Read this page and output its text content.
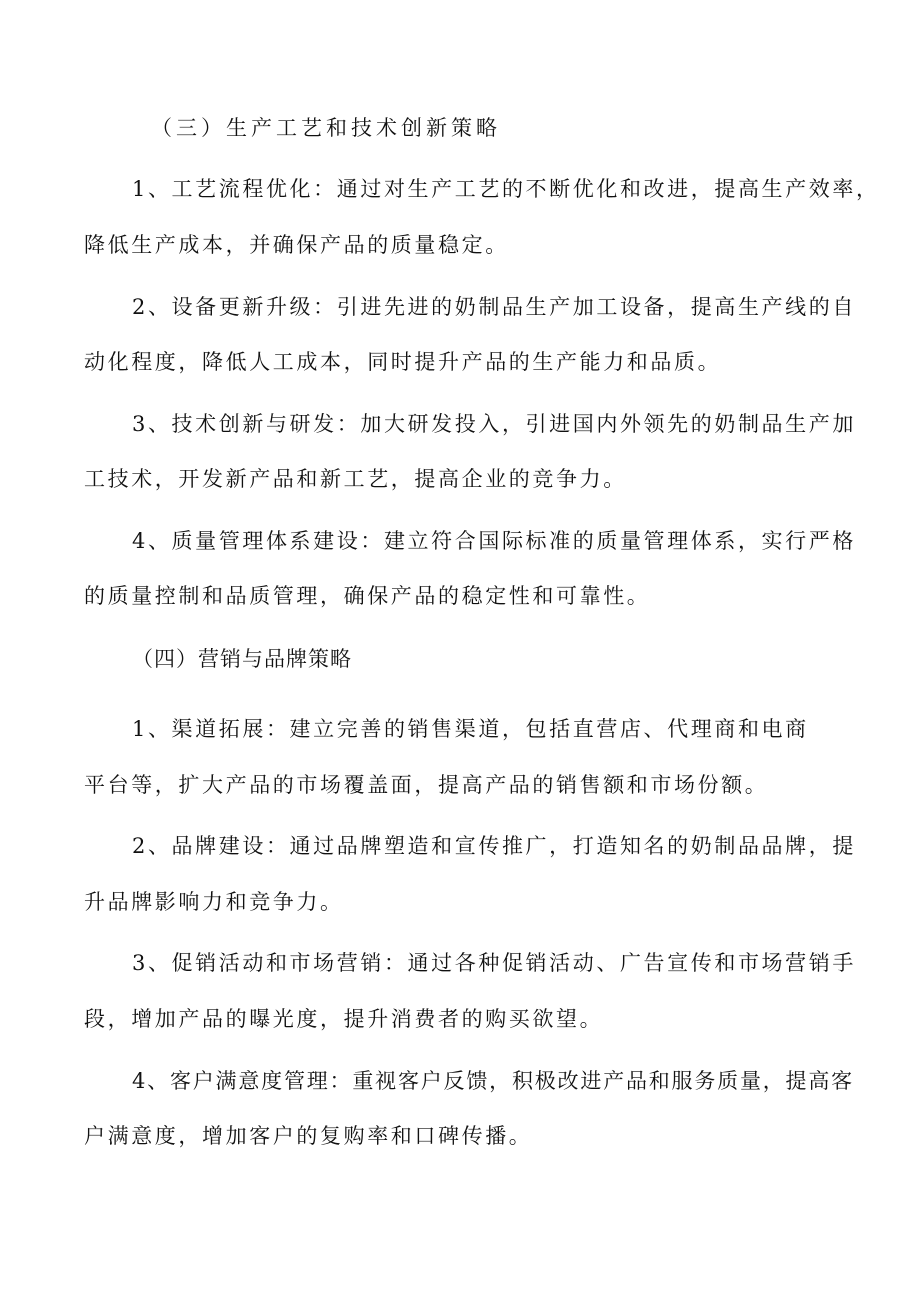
（三）生产工艺和技术创新策略
1、工艺流程优化：通过对生产工艺的不断优化和改进，提高生产效率，
降低生产成本，并确保产品的质量稳定。
2、设备更新升级：引进先进的奶制品生产加工设备，提高生产线的自
动化程度，降低人工成本，同时提升产品的生产能力和品质。
3、技术创新与研发：加大研发投入，引进国内外领先的奶制品生产加
工技术，开发新产品和新工艺，提高企业的竞争力。
4、质量管理体系建设：建立符合国际标准的质量管理体系，实行严格
的质量控制和品质管理，确保产品的稳定性和可靠性。
（四）营销与品牌策略
1、渠道拓展：建立完善的销售渠道，包括直营店、代理商和电商
平台等，扩大产品的市场覆盖面，提高产品的销售额和市场份额。
2、品牌建设：通过品牌塑造和宣传推广，打造知名的奶制品品牌，提
升品牌影响力和竞争力。
3、促销活动和市场营销：通过各种促销活动、广告宣传和市场营销手
段，增加产品的曝光度，提升消费者的购买欲望。
4、客户满意度管理：重视客户反馈，积极改进产品和服务质量，提高客
户满意度，增加客户的复购率和口碑传播。
